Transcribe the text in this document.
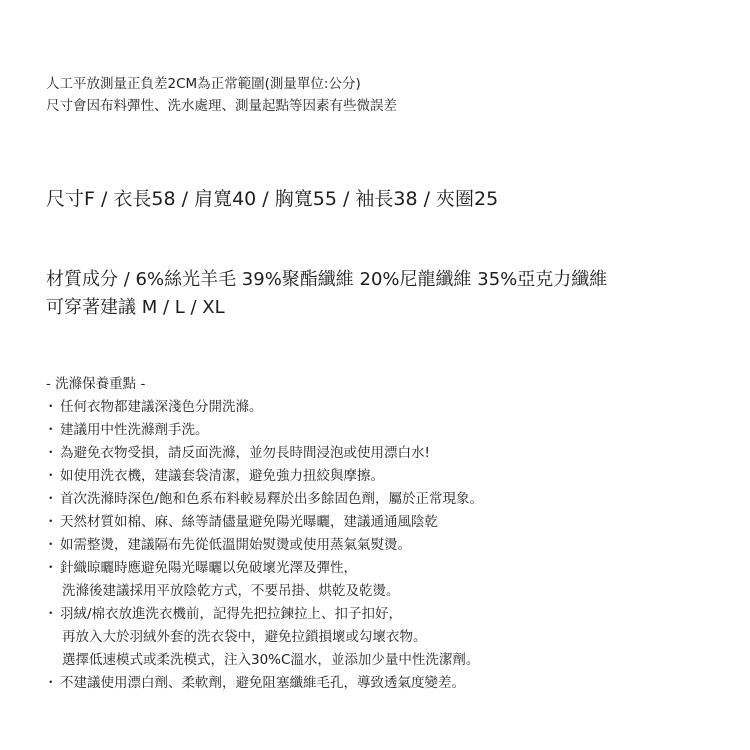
人工平放測量正負差2CM為正常範圍(測量單位:公分)

尺寸會因布料彈性、洗水處理、測量起點等因素有些微誤差

尺寸F / 衣長58 / 肩寬40 / 胸寬55 / 袖長38 / 夾圈25

材質成分 / 6%絲光羊毛 39%聚酯纖維 20%尼龍纖維 35%亞克力纖維

可穿著建議 M / L / XL

- 洗滌保養重點 -

・ 任何衣物都建議深淺色分開洗滌。
・ 建議用中性洗滌劑手洗。
・ 為避免衣物受損，請反面洗滌，並勿長時間浸泡或使用漂白水!
・ 如使用洗衣機，建議套袋清潔，避免強力扭絞與摩擦。
・ 首次洗滌時深色/飽和色系布料較易釋於出多餘固色劑，屬於正常現象。
・ 天然材質如棉、麻、絲等請儘量避免陽光曝曬，建議通通風陰乾
・ 如需整燙，建議隔布先從低溫開始熨燙或使用蒸氣氣熨燙。
・ 針織晾曬時應避免陽光曝曬以免破壞光澤及彈性，
洗滌後建議採用平放陰乾方式，不要吊掛、烘乾及乾燙。
・ 羽絨/棉衣放進洗衣機前，記得先把拉鍊拉上、扣子扣好，
再放入大於羽絨外套的洗衣袋中，避免拉鎖損壞或勾壞衣物。
選擇低速模式或柔洗模式，注入30%C溫水，並添加少量中性洗潔劑。
・ 不建議使用漂白劑、柔軟劑，避免阻塞纖維毛孔，導致透氣度變差。
